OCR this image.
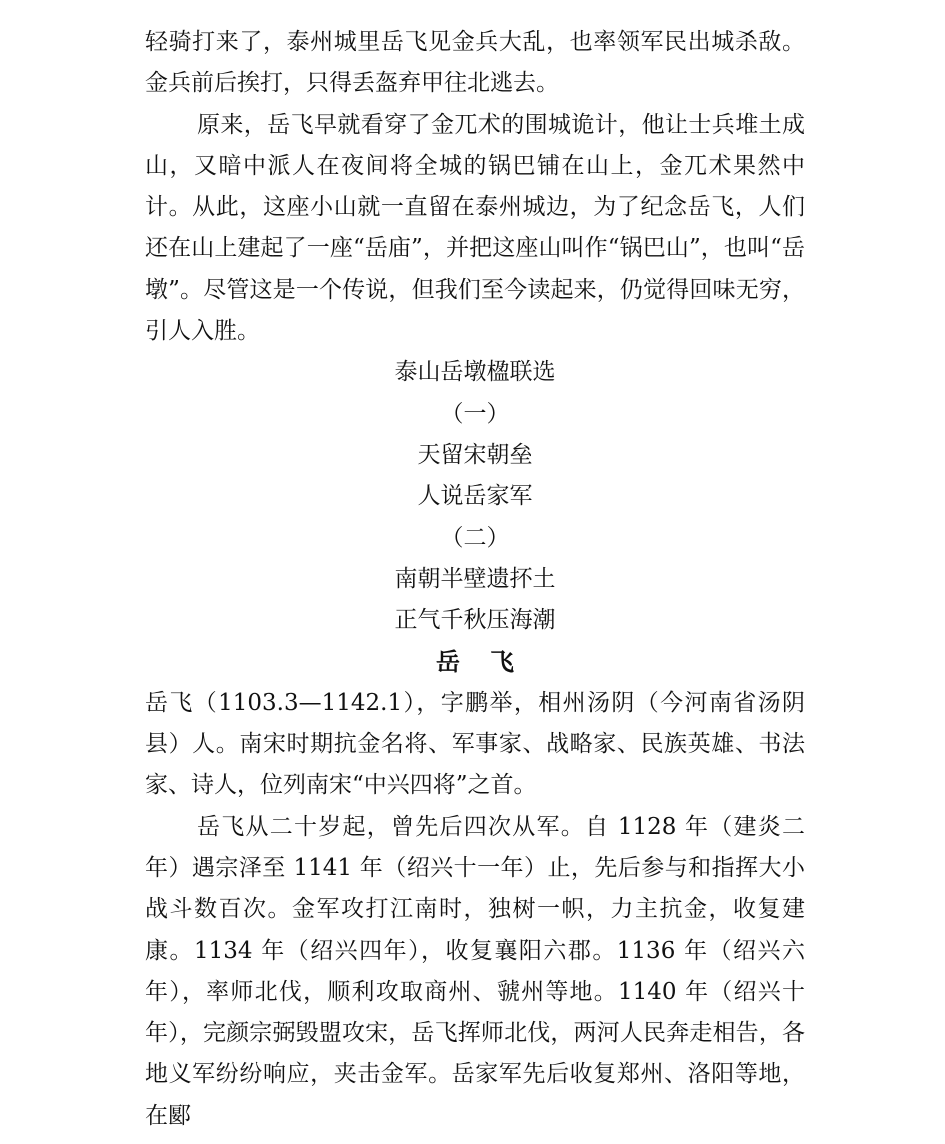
轻骑打来了，泰州城里岳飞见金兵大乱，也率领军民出城杀敌。金兵前后挨打，只得丢盔弃甲往北逃去。

原来，岳飞早就看穿了金兀术的围城诡计，他让士兵堆土成山，又暗中派人在夜间将全城的锅巴铺在山上，金兀术果然中计。从此，这座小山就一直留在泰州城边，为了纪念岳飞，人们还在山上建起了一座“岳庙”，并把这座山叫作“锅巴山”，也叫“岳墩”。尽管这是一个传说，但我们至今读起来，仍觉得回味无穷，引人入胜。

泰山岳墩楹联选

（一）

天留宋朝垒

人说岳家军

（二）

南朝半壁遗抔土

正气千秋压海潮

岳 飞

岳飞（1103.3—1142.1），字鹏举，相州汤阴（今河南省汤阴县）人。南宋时期抗金名将、军事家、战略家、民族英雄、书法家、诗人，位列南宋“中兴四将”之首。

岳飞从二十岁起，曾先后四次从军。自 1128 年（建炎二年）遇宗泽至 1141 年（绍兴十一年）止，先后参与和指挥大小战斗数百次。金军攻打江南时，独树一帜，力主抗金，收复建康。1134 年（绍兴四年），收复襄阳六郡。1136 年（绍兴六年），率师北伐，顺利攻取商州、虢州等地。1140 年（绍兴十年），完颜宗弼毁盟攻宋，岳飞挥师北伐，两河人民奔走相告，各地义军纷纷响应，夹击金军。岳家军先后收复郑州、洛阳等地，在郾
